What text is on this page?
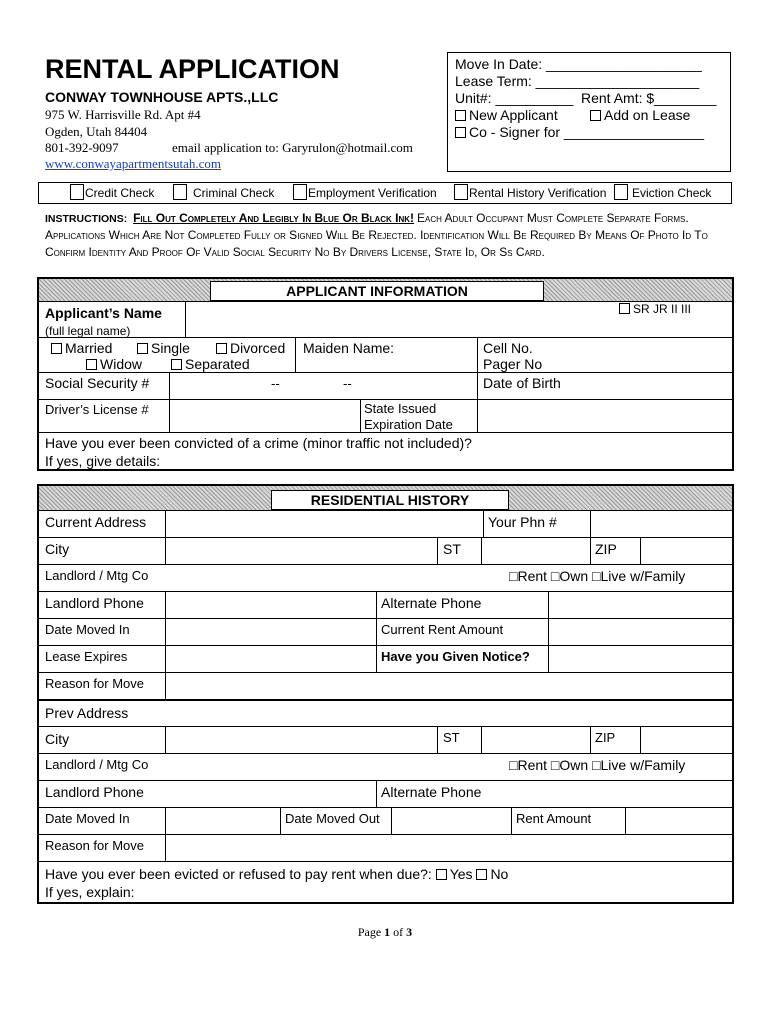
RENTAL APPLICATION
CONWAY TOWNHOUSE APTS.,LLC
975 W. Harrisville Rd. Apt #4
Ogden, Utah 84404
801-392-9097	email application to: Garyrulon@hotmail.com
www.conwayapartmentsutah.com
Move In Date: ____________________
Lease Term: _____________________
Unit#: __________ Rent Amt: $________
New Applicant	Add on Lease
Co - Signer for __________________
Credit Check	Criminal Check	Employment Verification	Rental History Verification Eviction Check
INSTRUCTIONS: Fill Out Completely And Legibly In Blue Or Black Ink! Each Adult Occupant Must Complete Separate Forms. Applications Which Are Not Completed Fully or Signed Will Be Rejected. Identification Will Be Required By Means Of Photo Id To Confirm Identity And Proof Of Valid Social Security No By Drivers License, State Id, Or Ss Card.
APPLICANT INFORMATION
Applicant’s Name
(full legal name)
SR JR II III
Married	Single	Divorced
Widow	Separated
Maiden Name:	Cell No.
Pager No
Social Security #	--	--	Date of Birth
Driver’s License #	State Issued
Expiration Date
Have you ever been convicted of a crime (minor traffic not included)?
If yes, give details:
RESIDENTIAL HISTORY
Current Address	Your Phn #
City	ST	ZIP
Landlord / Mtg Co	□Rent □Own □Live w/Family
Landlord Phone	Alternate Phone
Date Moved In	Current Rent Amount
Lease Expires	Have you Given Notice?
Reason for Move
Prev Address
City	ST	ZIP
Landlord / Mtg Co	□Rent □Own □Live w/Family
Landlord Phone	Alternate Phone
Date Moved In	Date Moved Out	Rent Amount
Reason for Move
Have you ever been evicted or refused to pay rent when due?: Yes No
If yes, explain:
Page 1 of 3
